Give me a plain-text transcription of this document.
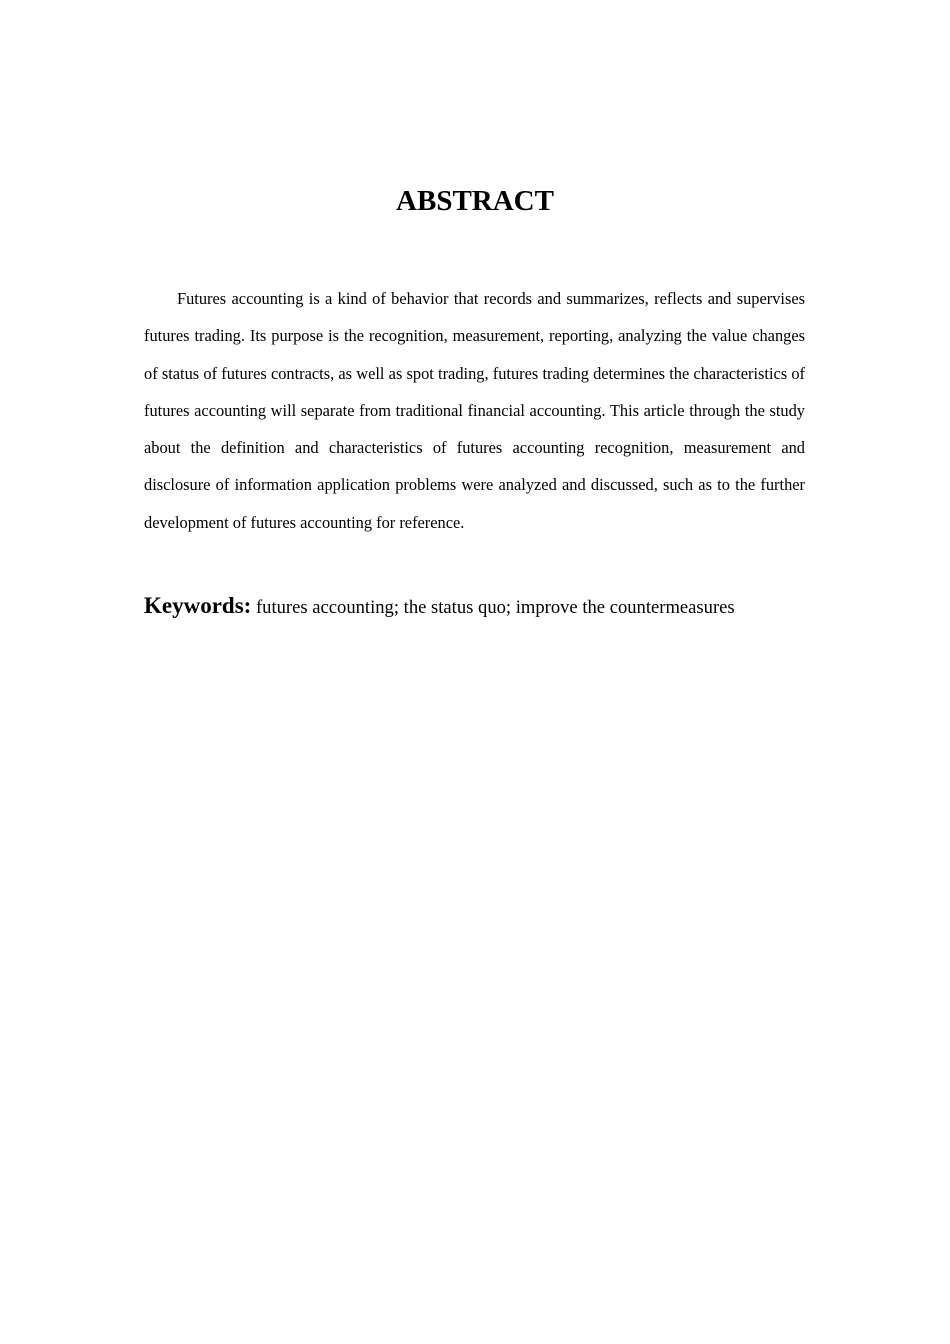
ABSTRACT

Futures accounting is a kind of behavior that records and summarizes, reflects and supervises futures trading. Its purpose is the recognition, measurement, reporting, analyzing the value changes of status of futures contracts, as well as spot trading, futures trading determines the characteristics of futures accounting will separate from traditional financial accounting. This article through the study about the definition and characteristics of futures accounting recognition, measurement and disclosure of information application problems were analyzed and discussed, such as to the further development of futures accounting for reference.

Keywords: futures accounting; the status quo; improve the countermeasures
